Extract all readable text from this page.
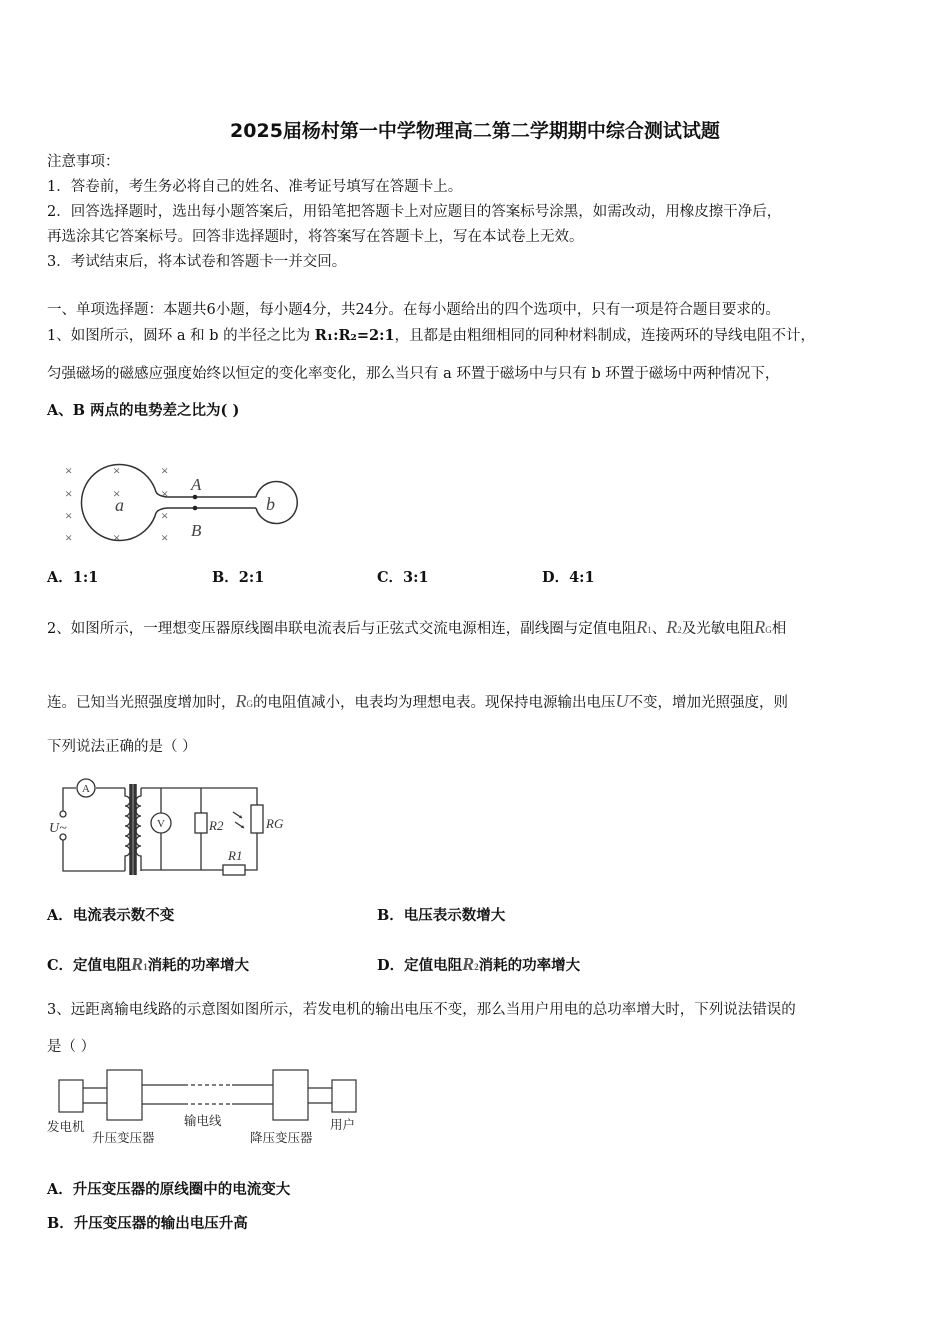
2025届杨村第一中学物理高二第二学期期中综合测试试题
注意事项：
1．答卷前，考生务必将自己的姓名、准考证号填写在答题卡上。
2．回答选择题时，选出每小题答案后，用铅笔把答题卡上对应题目的答案标号涂黑，如需改动，用橡皮擦干净后，
再选涂其它答案标号。回答非选择题时，将答案写在答题卡上，写在本试卷上无效。
3．考试结束后，将本试卷和答题卡一并交回。
一、单项选择题：本题共6小题，每小题4分，共24分。在每小题给出的四个选项中，只有一项是符合题目要求的。
1、如图所示，圆环 a 和 b 的半径之比为 R₁:R₂=2:1，且都是由粗细相同的同种材料制成，连接两环的导线电阻不计，
匀强磁场的磁感应强度始终以恒定的变化率变化，那么当只有 a 环置于磁场中与只有 b 环置于磁场中两种情况下，
A、B 两点的电势差之比为( )
×
×
×
×
×
×
×
×
×
×
×
a	b
A
B
A．1:1	B．2:1	C．3:1	D．4:1
2、如图所示，一理想变压器原线圈串联电流表后与正弦式交流电源相连，副线圈与定值电阻R1、R2及光敏电阻RG相
连。已知当光照强度增加时，RG的电阻值减小，电表均为理想电表。现保持电源输出电压U不变，增加光照强度，则
下列说法正确的是（ ）
A
V
U~	R2	RG
R1
A．电流表示数不变	B．电压表示数增大
C．定值电阻R1消耗的功率增大	D．定值电阻R2消耗的功率增大
3、远距离输电线路的示意图如图所示，若发电机的输出电压不变，那么当用户用电的总功率增大时，下列说法错误的
是（ ）
发电机
升压变压器
输电线
降压变压器
用户
A．升压变压器的原线圈中的电流变大
B．升压变压器的输出电压升高
